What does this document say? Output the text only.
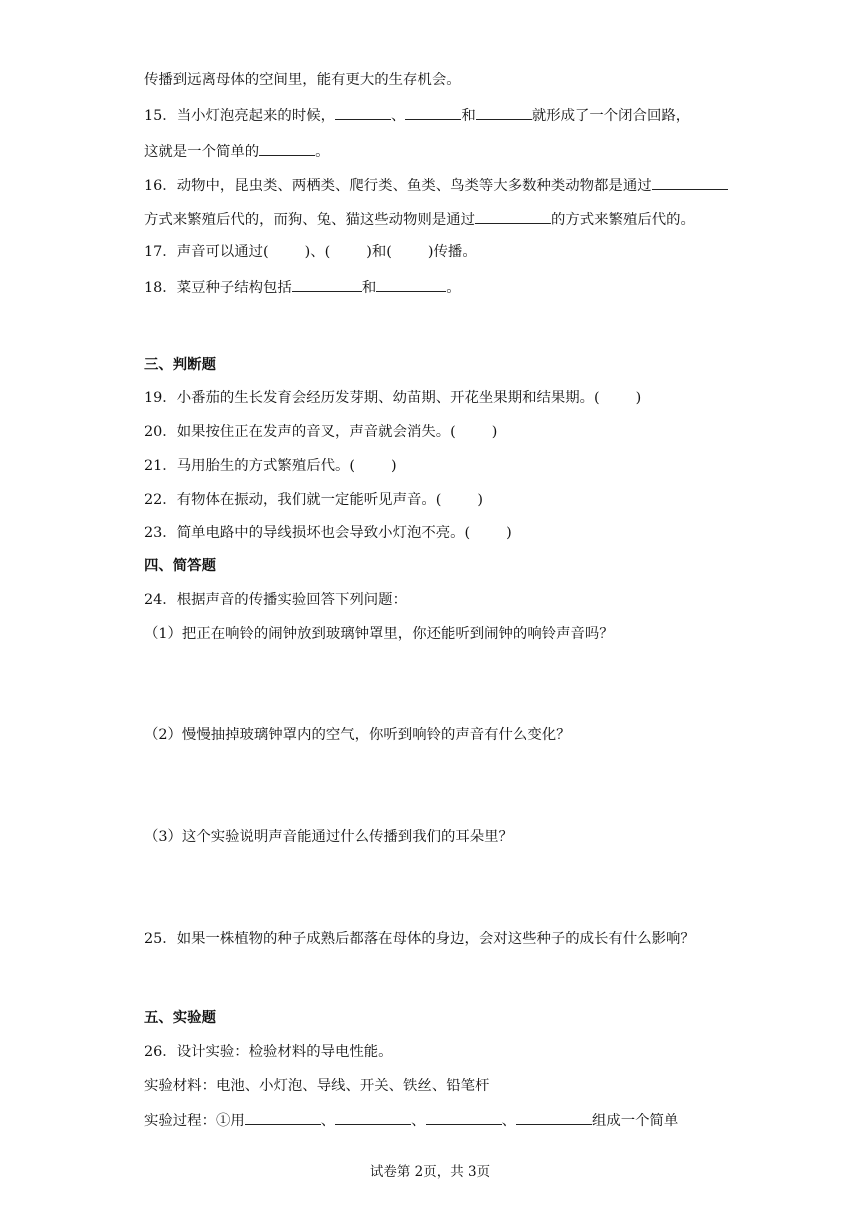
传播到远离母体的空间里，能有更大的生存机会。
15．当小灯泡亮起来的时候，	、	和	就形成了一个闭合回路，
这就是一个简单的	。
16．动物中，昆虫类、两栖类、爬行类、鱼类、鸟类等大多数种类动物都是通过
方式来繁殖后代的，而狗、兔、猫这些动物则是通过	的方式来繁殖后代的。
17．声音可以通过(	)、(	)和(	)传播。
18．菜豆种子结构包括	和	。
三、判断题
19．小番茄的生长发育会经历发芽期、幼苗期、开花坐果期和结果期。(	)
20．如果按住正在发声的音叉，声音就会消失。(	)
21．马用胎生的方式繁殖后代。(	)
22．有物体在振动，我们就一定能听见声音。(	)
23．简单电路中的导线损坏也会导致小灯泡不亮。(	)
四、简答题
24．根据声音的传播实验回答下列问题：
（1）把正在响铃的闹钟放到玻璃钟罩里，你还能听到闹钟的响铃声音吗？
（2）慢慢抽掉玻璃钟罩内的空气，你听到响铃的声音有什么变化？
（3）这个实验说明声音能通过什么传播到我们的耳朵里？
25．如果一株植物的种子成熟后都落在母体的身边，会对这些种子的成长有什么影响？
五、实验题
26．设计实验：检验材料的导电性能。
实验材料：电池、小灯泡、导线、开关、铁丝、铅笔杆
实验过程：①用	、	、	、	组成一个简单
试卷第 2页，共 3页
